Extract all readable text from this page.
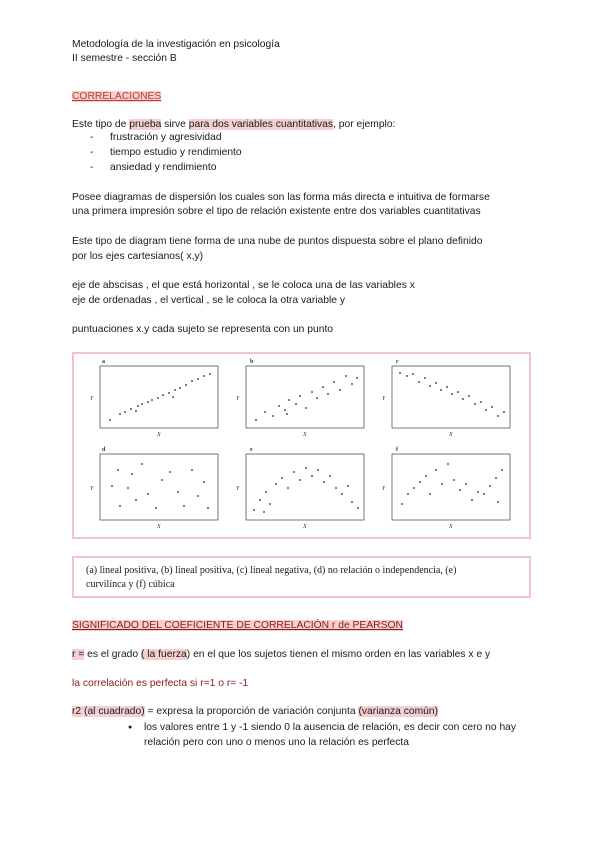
Metodología de la investigación en psicología
II semestre - sección B
CORRELACIONES
Este tipo de prueba sirve para dos variables cuantitativas, por ejemplo:
- frustración y agresividad
- tiempo estudio y rendimiento
- ansiedad y rendimiento
Posee diagramas de dispersión los cuales son las forma más directa e intuitiva de formarse
una primera impresión sobre el tipo de relación existente entre dos variables cuantitativas
Este tipo de diagram tiene forma de una nube de puntos dispuesta sobre el plano definido
por los ejes cartesianos( x,y)
eje de abscisas , el que está horizontal , se le coloca una de las variables x
eje de ordenadas , el vertical , se le coloca la otra variable y
puntuaciones x.y cada sujeto se representa con un punto
a
Y
X
b
Y
X
c
Y
X
d
Y
X
e
Y
X
f
Y
X
(a) lineal positiva, (b) lineal positiva, (c) lineal negativa, (d) no relación o independencia, (e)
curvilínca y (f) cúbica
SIGNIFICADO DEL COEFICIENTE DE CORRELACIÓN r de PEARSON
r = es el grado ( la fuerza) en el que los sujetos tienen el mismo orden en las variables x e y
la correlación es perfecta si r=1 o r= -1
r2 (al cuadrado) = expresa la proporción de variación conjunta (varianza común)
● los valores entre 1 y -1 siendo 0 la ausencia de relación, es decir con cero no hay relación pero con uno o menos uno la relación es perfecta
